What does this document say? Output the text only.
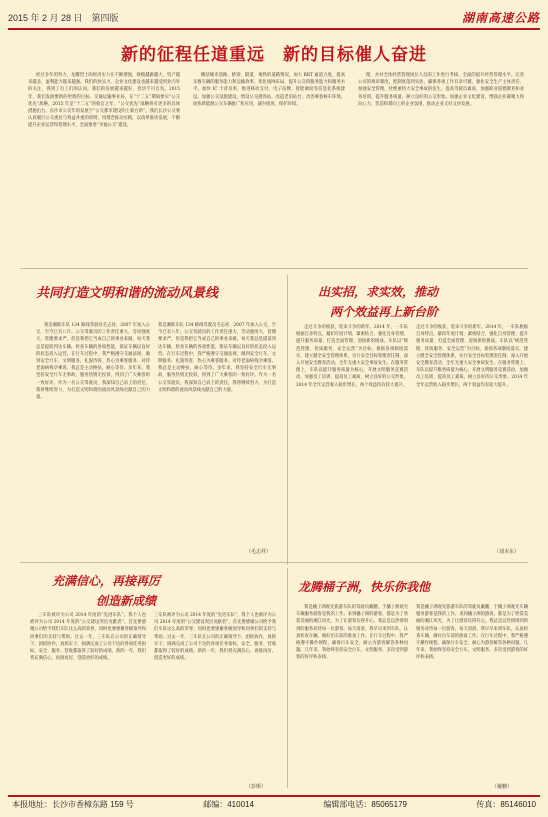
2015 年 2 月 28 日　第四版	湖南高速公路
新的征程任道重远　新的目标催人奋进

经过多年的努力，龙耀烈士的经济实力在不断增强，规模越做越大，资产越来越多，盈利能力越来越强。我们的快实力，企业文化建设也越来越受到业内外的关注，得到了员工们的认同。我们的发展越来越好，但切不可自负。2015 年，我们发展要新的更新的目标。交通运输事业局，在“十二五”期间要实“公交优先”战略，2015 年是“十二五”的收官之年，“公交优先”战略将有更多的具体措施出台。长沙市公交年的发展于“公交都市建设的上新台阶”。我们长沙公交要认真履行公交惠民与效益并重的原则，用理念推动实践，以改革推动发展，不断提升企业运营和管理水平，全面推进“幸福公交”建设。

概括城市道路、桥梁、隧道、地铁的道路情况，加大 BRT 通道力度，提高多数车辆的服务能力和运输效率，优化线网布局，提升公交的服务能力和服务水平。加快 IC 卡普及率，推进移动支付、电子站牌、智能调度等信息化系统建设。加强公交设施建设，增设公交港湾站，改造老旧站台，改善乘客候车环境。加快新能源公交车辆推广和应用，减少排放，保护环境。

理，并对全体经营管理岗位人员的工作进行考核，全面的提升经营管理水平。完善公司的规章制度，把制度落到实处，确保各项工作有章可循。强化安全生产主体责任，加强安全管理，杜绝重特大安全事故的发生。提高驾驶员素质，加强职业道德教育和业务培训，提升服务质量，树立良好的公交形象。加强企业文化建设，增强企业凝聚力和向心力，营造和谐向上的企业氛围，推动企业又好又快发展。

共同打造文明和谐的流动风景线

我是湘联车队 134 路线驾驶员毛志祥，2007 年加入公交，至今已有八年。公交驾驶员的工作责任重大，劳动强度大，管理要求严，但是我把它当成自己的事业来做。每天我总是提前到达车辆，检查车辆的各项性能，保证车辆以良好的状态投入运营。在行车过程中，我严格遵守交通法规，做到安全行车、文明服务，礼貌待客，热心为乘客服务。对待老弱病残孕乘客，我总是主动搀扶，耐心等待。多年来，我坚持安全行车无事故，服务热情无投诉，得到了广大乘客的一致好评。作为一名公交驾驶员，我深知自己肩上的责任，我将继续努力，为打造文明和谐的流动风景线贡献自己的力量。

我是湘联车队 134 路线驾驶员毛志祥，2007 年加入公交，至今已有八年。公交驾驶员的工作责任重大，劳动强度大，管理要求严，但是我把它当成自己的事业来做。每天我总是提前到达车辆，检查车辆的各项性能，保证车辆以良好的状态投入运营。在行车过程中，我严格遵守交通法规，做到安全行车、文明服务，礼貌待客，热心为乘客服务。对待老弱病残孕乘客，我总是主动搀扶，耐心等待。多年来，我坚持安全行车无事故，服务热情无投诉，得到了广大乘客的一致好评。作为一名公交驾驶员，我深知自己肩上的责任，我将继续努力，为打造文明和谐的流动风景线贡献自己的力量。

（毛志祥）
出实招，求实效，推动
两个效益再上新台阶

走过斗争的收获，迎来斗争的新年。2014 年，一车队根据自身特点，紧扣年度计划，紧密结合、强化自身管理、提升服务质量、打造全面管理、迎接新的挑战。车队以“规范管理、优质服务、安全运营”为目标，狠抓各项制度落实，建立健全安全管理体系，实行安全目标管理责任制，深入开展安全教育活动，全年无重大安全事故发生。在服务管理上，车队以提升服务质量为核心，开展文明服务竞赛活动，加强员工培训，提高员工素质，树立良好的公交形象。2014 年全年运营收入稳步增长，两个效益均有较大提升。

走过斗争的收获，迎来斗争的新年。2014 年，一车队根据自身特点，紧扣年度计划，紧密结合、强化自身管理、提升服务质量、打造全面管理、迎接新的挑战。车队以“规范管理、优质服务、安全运营”为目标，狠抓各项制度落实，建立健全安全管理体系，实行安全目标管理责任制，深入开展安全教育活动，全年无重大安全事故发生。在服务管理上，车队以提升服务质量为核心，开展文明服务竞赛活动，加强员工培训，提高员工素质，树立良好的公交形象。2014 年全年运营收入稳步增长，两个效益均有较大提升。

（刘本东）
充满信心，再接再厉
创造新成绩

三车队被评为公司 2014 年度的“先进车队”，我个人也被评为公司 2014 年度的“公交建设突出贡献者”。首先要感谢公司给予我们车队这么高的荣誉，同时也要感谢各级领导和同事们的支持与帮助。过去一年，三车队在公司的正确领导下，团结协作，真抓实干，圆满完成了公司下达的各项任务指标，安全、服务、营收都取得了较好的成绩。新的一年，我们将充满信心，再接再厉，创造更好的成绩。

三车队被评为公司 2014 年度的“先进车队”，我个人也被评为公司 2014 年度的“公交建设突出贡献者”。首先要感谢公司给予我们车队这么高的荣誉，同时也要感谢各级领导和同事们的支持与帮助。过去一年，三车队在公司的正确领导下，团结协作，真抓实干，圆满完成了公司下达的各项任务指标，安全、服务、营收都取得了较好的成绩。新的一年，我们将充满信心，再接再厉，创造更好的成绩。

（彭斯）
龙腾桶子洲，快乐你我他

我是橘子洲观光旅游车队的驾驶员戴鹏，于橘子洲观光车辆服务游客是我的工作。来到橘子洲的游客，都是为了欣赏美丽的湘江风光，为了让游客玩得开心，我总是以热情周到的服务对待每一位游客。每天清晨，我早早来到车队，认真检查车辆，做好出车前的准备工作。在行车过程中，我严格遵守操作规程，确保行车安全，耐心为游客解答各种问题。几年来，我始终坚持安全行车，文明服务，多次受到游客的好评和表扬。

我是橘子洲观光旅游车队的驾驶员戴鹏，于橘子洲观光车辆服务游客是我的工作。来到橘子洲的游客，都是为了欣赏美丽的湘江风光，为了让游客玩得开心，我总是以热情周到的服务对待每一位游客。每天清晨，我早早来到车队，认真检查车辆，做好出车前的准备工作。在行车过程中，我严格遵守操作规程，确保行车安全，耐心为游客解答各种问题。几年来，我始终坚持安全行车，文明服务，多次受到游客的好评和表扬。

（戴鹏）
本报地址：长沙市香樟东路 159 号	邮编：410014	编辑部电话：85065179	传真：85146010
